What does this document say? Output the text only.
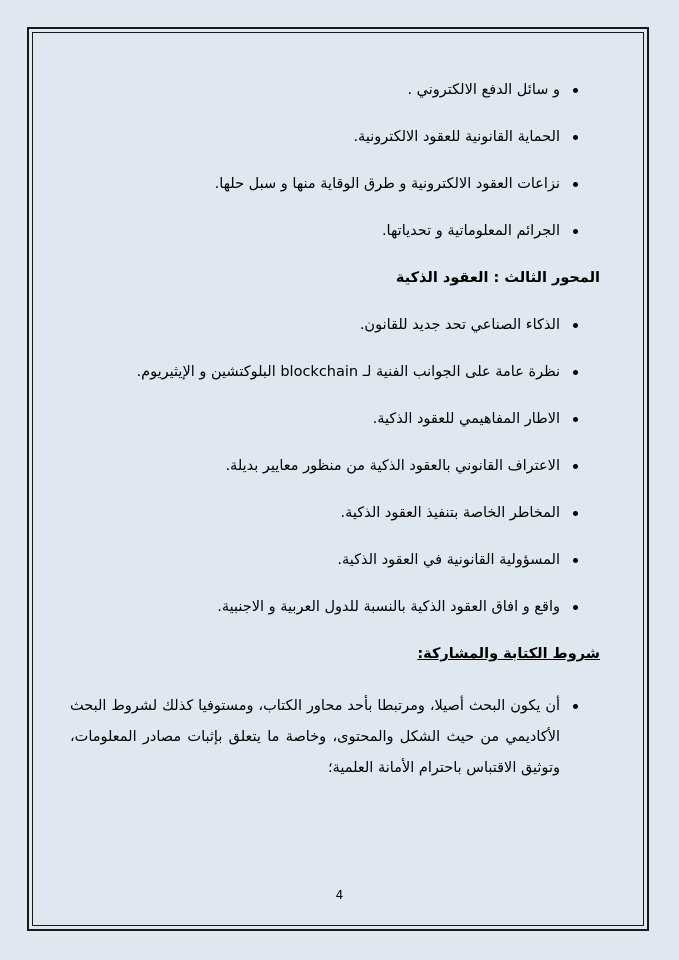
و سائل الدفع الالكتروني .
الحماية القانونية للعقود الالكترونية.
نزاعات العقود الالكترونية و طرق الوقاية منها و سبل حلها.
الجرائم المعلوماتية و تحدياتها.
المحور الثالث : العقود الذكية
الذكاء الصناعي تحد جديد للقانون.
نظرة عامة على الجوانب الفنية لـ blockchain البلوكتشين و الإيثيريوم.
الاطار المفاهيمي للعقود الذكية.
الاعتراف القانوني بالعقود الذكية من منظور معايير بديلة.
المخاطر الخاصة بتنفيذ العقود الذكية.
المسؤولية القانونية في العقود الذكية.
واقع و افاق العقود الذكية بالنسبة للدول العربية و الاجنبية.
شروط الكتابة والمشاركة:
أن يكون البحث أصيلا، ومرتبطا بأحد محاور الكتاب، ومستوفيا كذلك لشروط البحث الأكاديمي من حيث الشكل والمحتوى، وخاصة ما يتعلق بإثبات مصادر المعلومات، وتوثيق الاقتباس باحترام الأمانة العلمية؛
4
